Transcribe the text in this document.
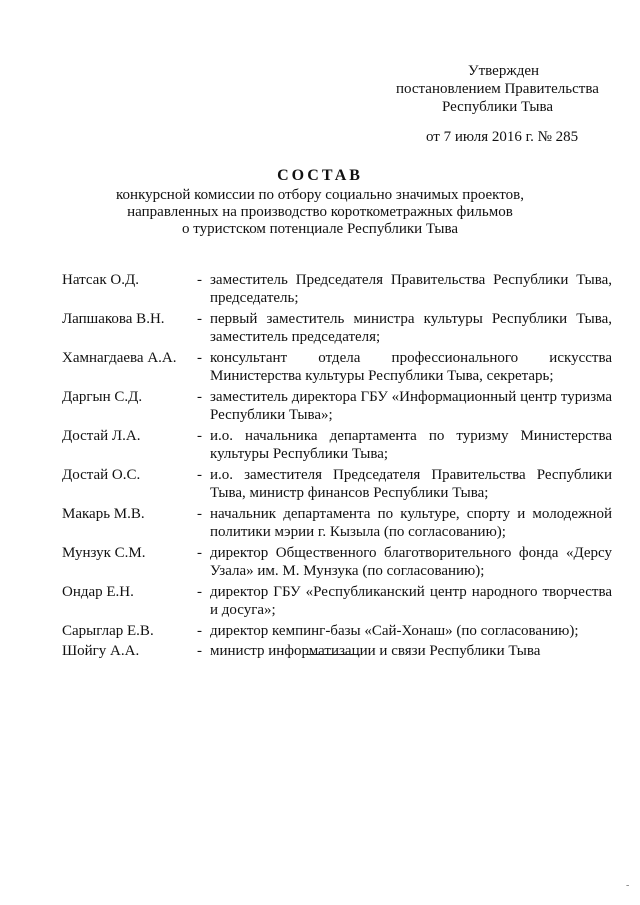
Утвержден
постановлением Правительства
Республики Тыва
от 7 июля 2016 г. № 285
СОСТАВ
конкурсной комиссии по отбору социально значимых проектов,
направленных на производство короткометражных фильмов
о туристском потенциале Республики Тыва
Натсак О.Д.	- заместитель Председателя Правительства Республики Тыва, председатель;
Лапшакова В.Н.	- первый заместитель министра культуры Республики Тыва, заместитель председателя;
Хамнагдаева А.А.	- консультант отдела профессионального искусства Министерства культуры Республики Тыва, секретарь;
Даргын С.Д.	- заместитель директора ГБУ «Информационный центр туризма Республики Тыва»;
Достай Л.А.	- и.о. начальника департамента по туризму Министерства культуры Республики Тыва;
Достай О.С.	- и.о. заместителя Председателя Правительства Республики Тыва, министр финансов Республики Тыва;
Макарь М.В.	- начальник департамента по культуре, спорту и молодежной политики мэрии г. Кызыла (по согласованию);
Мунзук С.М.	- директор Общественного благотворительного фонда «Дерсу Узала» им. М. Мунзука (по согласованию);
Ондар Е.Н.	- директор ГБУ «Республиканский центр народного творчества и досуга»;
Сарыглар Е.В.	- директор кемпинг-базы «Сай-Хонаш» (по согласованию);
Шойгу А.А.	- министр информатизации и связи Республики Тыва
-
